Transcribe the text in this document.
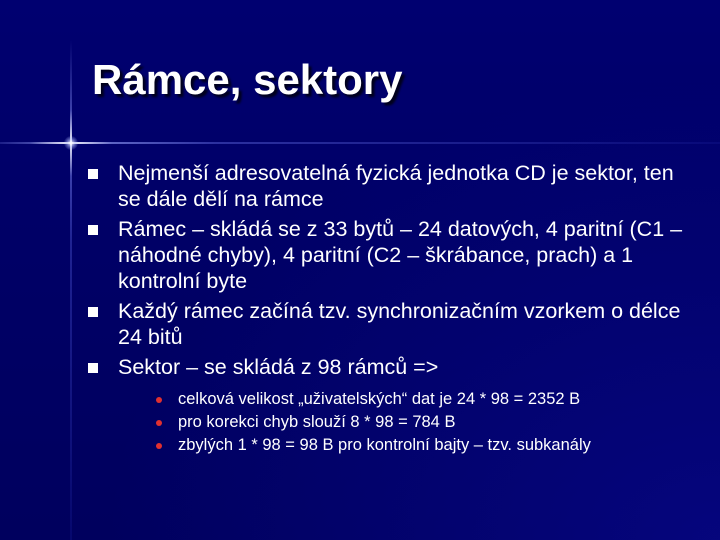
Rámce, sektory
Nejmenší adresovatelná fyzická jednotka CD je sektor, ten se dále dělí na rámce
Rámec – skládá se z 33 bytů – 24 datových, 4 paritní (C1 – náhodné chyby), 4 paritní (C2 – škrábance, prach) a 1 kontrolní byte
Každý rámec začíná tzv. synchronizačním vzorkem o délce 24 bitů
Sektor – se skládá z 98 rámců =>
celková velikost „uživatelských“ dat je 24 * 98 = 2352 B
pro korekci chyb slouží 8 * 98 = 784 B
zbylých 1 * 98 = 98 B pro kontrolní bajty – tzv. subkanály
